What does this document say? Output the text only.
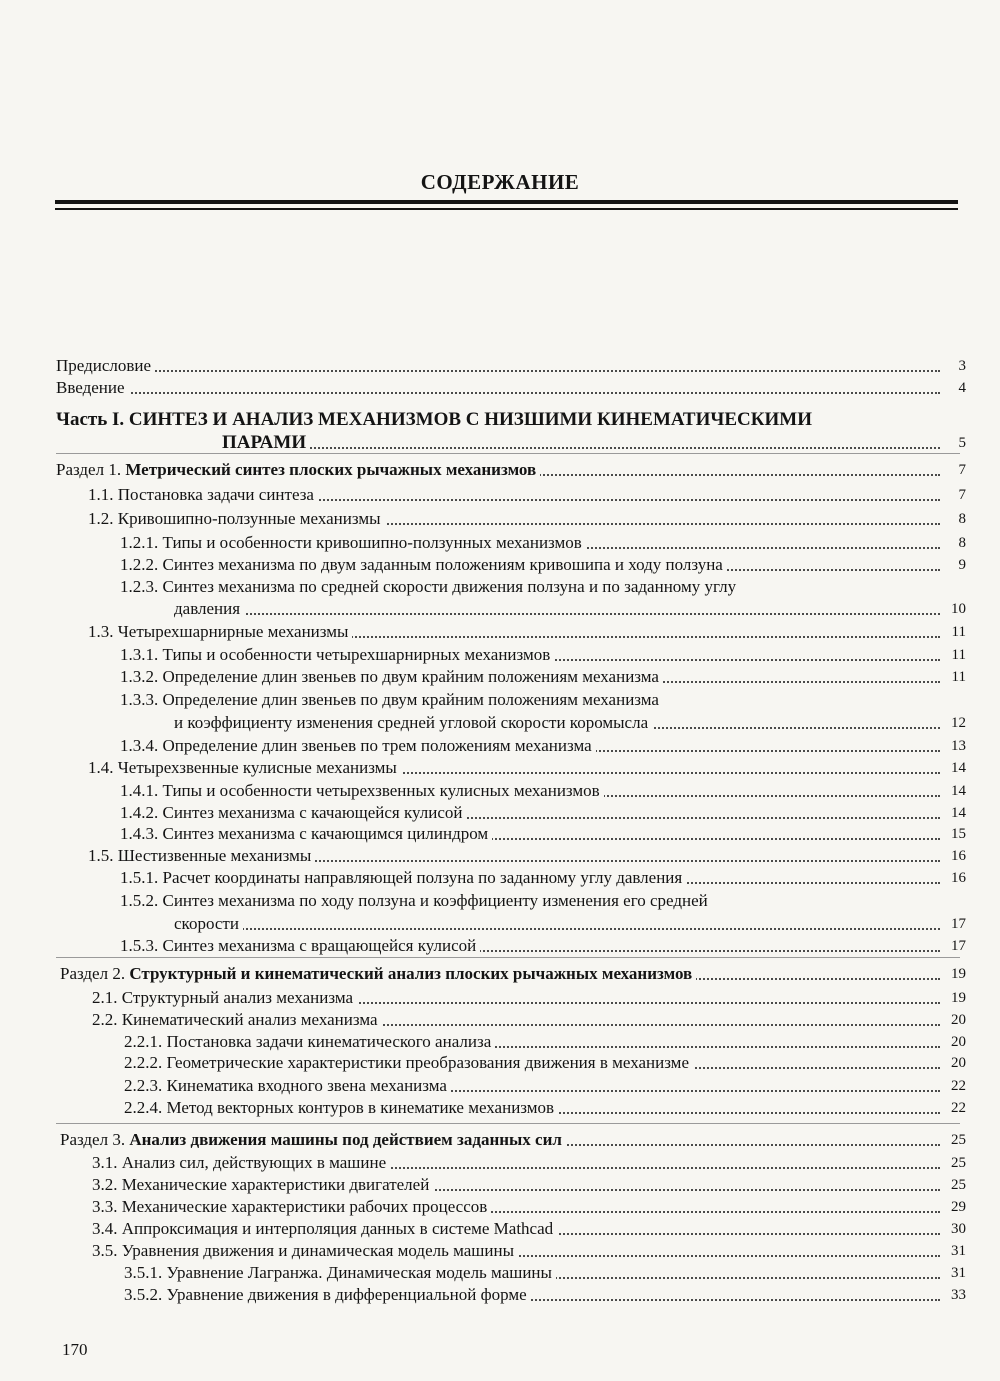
СОДЕРЖАНИЕ
Предисловие	3
Введение	4
Часть I. СИНТЕЗ И АНАЛИЗ МЕХАНИЗМОВ С НИЗШИМИ КИНЕМАТИЧЕСКИМИ
ПАРАМИ	5
Раздел 1. Метрический синтез плоских рычажных механизмов	7
1.1. Постановка задачи синтеза	7
1.2. Кривошипно-ползунные механизмы	8
1.2.1. Типы и особенности кривошипно-ползунных механизмов	8
1.2.2. Синтез механизма по двум заданным положениям кривошипа и ходу ползуна	9
1.2.3. Синтез механизма по средней скорости движения ползуна и по заданному углу
давления	10
1.3. Четырехшарнирные механизмы	11
1.3.1. Типы и особенности четырехшарнирных механизмов	11
1.3.2. Определение длин звеньев по двум крайним положениям механизма	11
1.3.3. Определение длин звеньев по двум крайним положениям механизма
и коэффициенту изменения средней угловой скорости коромысла	12
1.3.4. Определение длин звеньев по трем положениям механизма	13
1.4. Четырехзвенные кулисные механизмы	14
1.4.1. Типы и особенности четырехзвенных кулисных механизмов	14
1.4.2. Синтез механизма с качающейся кулисой	14
1.4.3. Синтез механизма с качающимся цилиндром	15
1.5. Шестизвенные механизмы	16
1.5.1. Расчет координаты направляющей ползуна по заданному углу давления	16
1.5.2. Синтез механизма по ходу ползуна и коэффициенту изменения его средней
скорости	17
1.5.3. Синтез механизма с вращающейся кулисой	17
Раздел 2. Структурный и кинематический анализ плоских рычажных механизмов	19
2.1. Структурный анализ механизма	19
2.2. Кинематический анализ механизма	20
2.2.1. Постановка задачи кинематического анализа	20
2.2.2. Геометрические характеристики преобразования движения в механизме	20
2.2.3. Кинематика входного звена механизма	22
2.2.4. Метод векторных контуров в кинематике механизмов	22
Раздел 3. Анализ движения машины под действием заданных сил	25
3.1. Анализ сил, действующих в машине	25
3.2. Механические характеристики двигателей	25
3.3. Механические характеристики рабочих процессов	29
3.4. Аппроксимация и интерполяция данных в системе Mathcad	30
3.5. Уравнения движения и динамическая модель машины	31
3.5.1. Уравнение Лагранжа. Динамическая модель машины	31
3.5.2. Уравнение движения в дифференциальной форме	33
170
